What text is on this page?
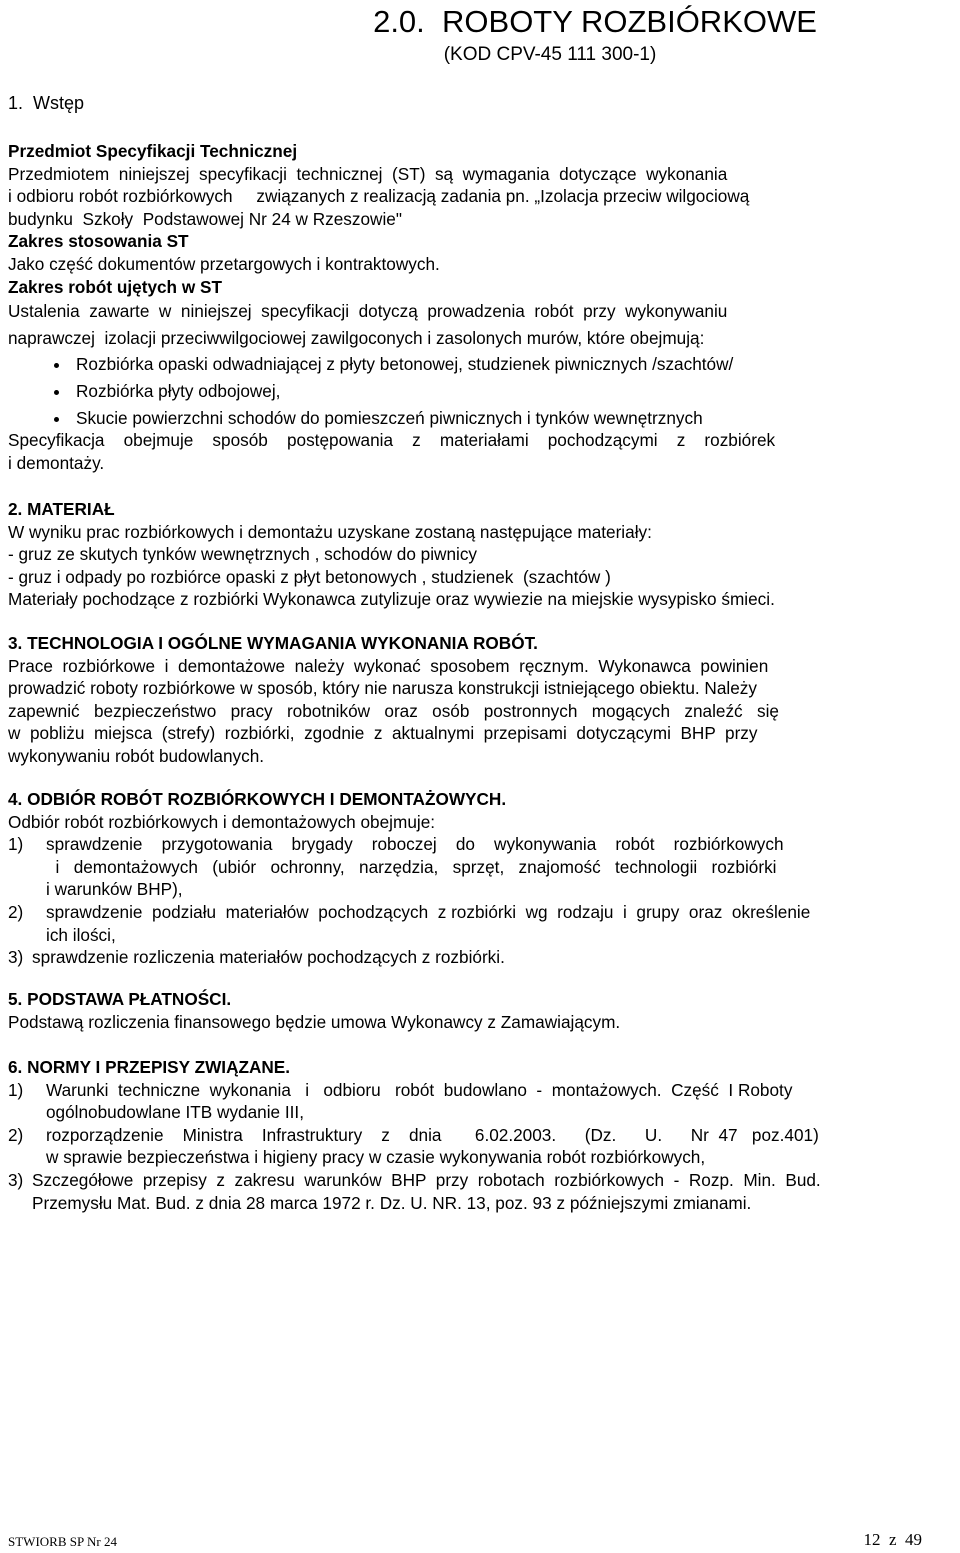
2.0.  ROBOTY ROZBIÓRKOWE
(KOD CPV-45 111 300-1)
1.  Wstęp
Przedmiot Specyfikacji Technicznej
Przedmiotem  niniejszej  specyfikacji  technicznej  (ST)  są  wymagania  dotyczące  wykonania
i odbioru robót rozbiórkowych     związanych z realizacją zadania pn. „Izolacja przeciw wilgociową
budynku  Szkoły  Podstawowej Nr 24 w Rzeszowie"
Zakres stosowania ST
Jako część dokumentów przetargowych i kontraktowych.
Zakres robót ujętych w ST
Ustalenia  zawarte  w  niniejszej  specyfikacji  dotyczą  prowadzenia  robót  przy  wykonywaniu
naprawczej  izolacji przeciwwilgociowej zawilgoconych i zasolonych murów, które obejmują:
Rozbiórka opaski odwadniającej z płyty betonowej, studzienek piwnicznych /szachtów/
Rozbiórka płyty odbojowej,
Skucie powierzchni schodów do pomieszczeń piwnicznych i tynków wewnętrznych
Specyfikacja    obejmuje    sposób    postępowania    z    materiałami    pochodzącymi    z    rozbiórek
i demontaży.
2. MATERIAŁ
W wyniku prac rozbiórkowych i demontażu uzyskane zostaną następujące materiały:
- gruz ze skutych tynków wewnętrznych , schodów do piwnicy
- gruz i odpady po rozbiórce opaski z płyt betonowych , studzienek  (szachtów )
Materiały pochodzące z rozbiórki Wykonawca zutylizuje oraz wywiezie na miejskie wysypisko śmieci.
3. TECHNOLOGIA I OGÓLNE WYMAGANIA WYKONANIA ROBÓT.
Prace  rozbiórkowe  i  demontażowe  należy  wykonać  sposobem  ręcznym.  Wykonawca  powinien
prowadzić roboty rozbiórkowe w sposób, który nie narusza konstrukcji istniejącego obiektu. Należy
zapewnić   bezpieczeństwo   pracy   robotników   oraz   osób   postronnych   mogących   znaleźć   się
w  pobliżu  miejsca  (strefy)  rozbiórki,  zgodnie  z  aktualnymi  przepisami  dotyczącymi  BHP  przy
wykonywaniu robót budowlanych.
4. ODBIÓR ROBÓT ROZBIÓRKOWYCH I DEMONTAŻOWYCH.
Odbiór robót rozbiórkowych i demontażowych obejmuje:
1) sprawdzenie    przygotowania    brygady    roboczej    do    wykonywania    robót    rozbiórkowych
i   demontażowych   (ubiór   ochronny,   narzędzia,   sprzęt,   znajomość   technologii   rozbiórki
i warunków BHP),
2) sprawdzenie  podziału  materiałów  pochodzących  z rozbiórki  wg  rodzaju  i  grupy  oraz  określenie
ich ilości,
3) sprawdzenie rozliczenia materiałów pochodzących z rozbiórki.
5. PODSTAWA PŁATNOŚCI.
Podstawą rozliczenia finansowego będzie umowa Wykonawcy z Zamawiającym.
6. NORMY I PRZEPISY ZWIĄZANE.
1) Warunki  techniczne  wykonania   i   odbioru   robót  budowlano  -  montażowych.  Część  I Roboty
ogólnobudowlane ITB wydanie III,
2) rozporządzenie    Ministra    Infrastruktury    z    dnia       6.02.2003.      (Dz.      U.      Nr  47   poz.401)
w sprawie bezpieczeństwa i higieny pracy w czasie wykonywania robót rozbiórkowych,
3) Szczegółowe  przepisy  z  zakresu  warunków  BHP  przy  robotach  rozbiórkowych  -  Rozp.  Min.  Bud.
Przemysłu Mat. Bud. z dnia 28 marca 1972 r. Dz. U. NR. 13, poz. 93 z późniejszymi zmianami.
STWIORB SP Nr 24	12  z  49
